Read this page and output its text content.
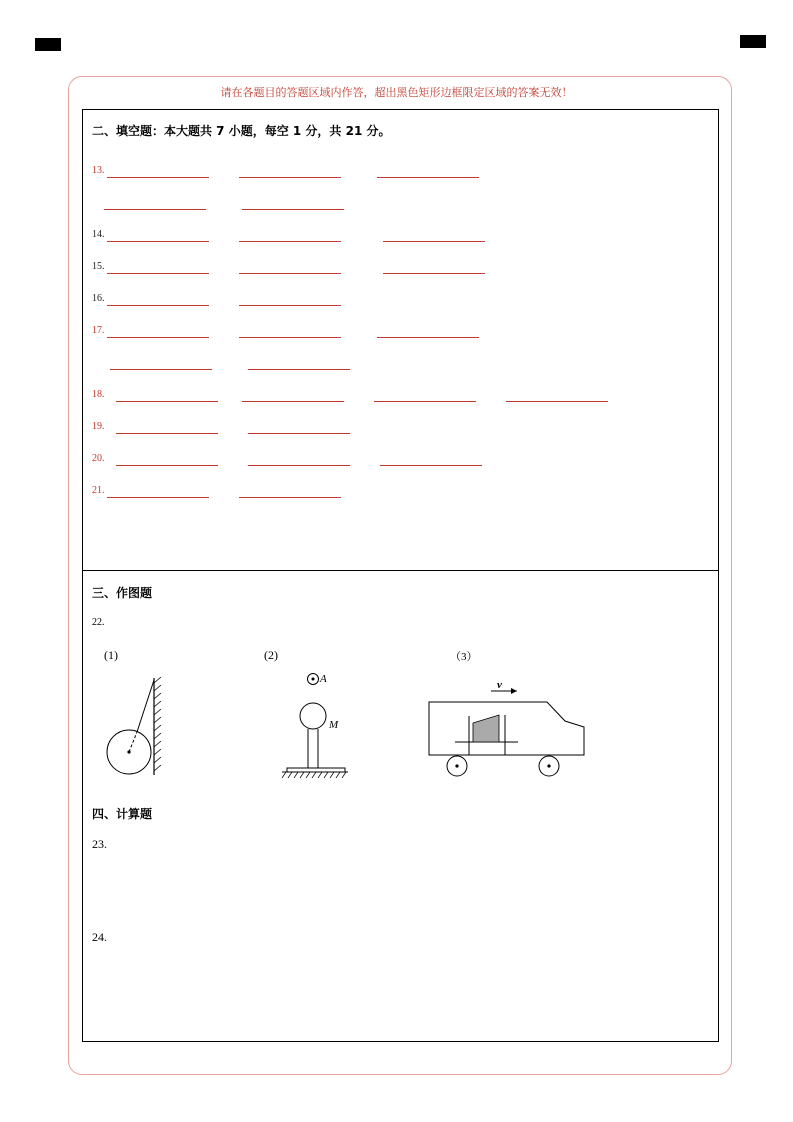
请在各题目的答题区域内作答，超出黑色矩形边框限定区域的答案无效！
二、填空题：本大题共 7 小题，每空 1 分，共 21 分。
13.
14.
15.
16.
17.
18.
19.
20.
21.
三、作图题
22.
(1)	(2)	（3）
A
M
v
四、计算题
23.
24.
